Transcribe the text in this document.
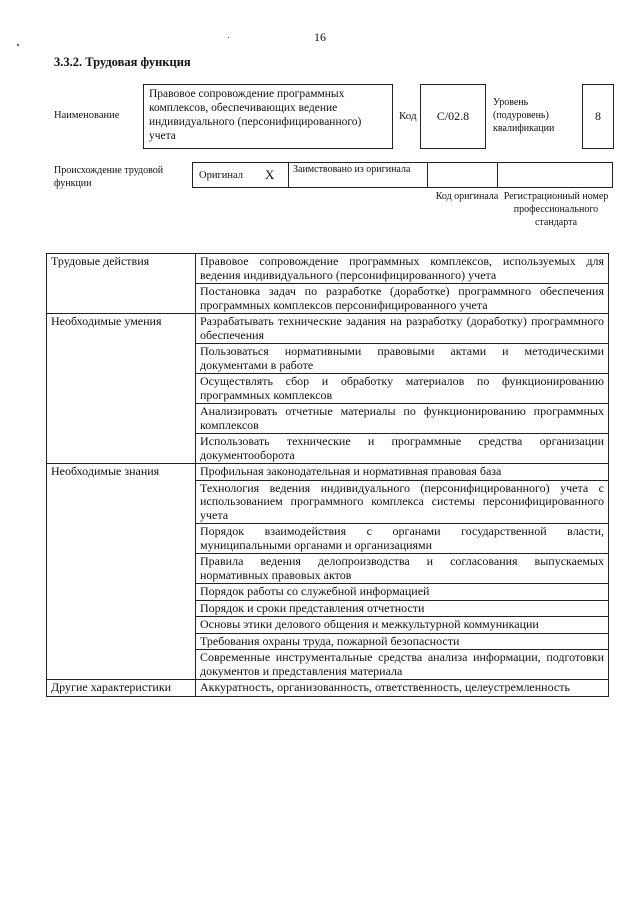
16
3.3.2. Трудовая функция
Наименование
Правовое сопровождение программных комплексов, обеспечивающих ведение индивидуального (персонифицированного) учета
Код	C/02.8
Уровень (подуровень) квалификации
8
Происхождение трудовой функции
Оригинал X	Заимствовано из оригинала
Код оригинала Регистрационный номер профессионального стандарта
Трудовые действия	Правовое сопровождение программных комплексов, используемых для ведения индивидуального (персонифицированного) учета
	Постановка задач по разработке (доработке) программного обеспечения программных комплексов персонифицированного учета
Необходимые умения	Разрабатывать технические задания на разработку (доработку) программного обеспечения
	Пользоваться нормативными правовыми актами и методическими документами в работе
	Осуществлять сбор и обработку материалов по функционированию программных комплексов
	Анализировать отчетные материалы по функционированию программных комплексов
	Использовать технические и программные средства организации документооборота
Необходимые знания	Профильная законодательная и нормативная правовая база
	Технология ведения индивидуального (персонифицированного) учета с использованием программного комплекса системы персонифицированного учета
	Порядок взаимодействия с органами государственной власти, муниципальными органами и организациями
	Правила ведения делопроизводства и согласования выпускаемых нормативных правовых актов
	Порядок работы со служебной информацией
	Порядок и сроки представления отчетности
	Основы этики делового общения и межкультурной коммуникации
	Требования охраны труда, пожарной безопасности
	Современные инструментальные средства анализа информации, подготовки документов и представления материала
Другие характеристики	Аккуратность, организованность, ответственность, целеустремленность
